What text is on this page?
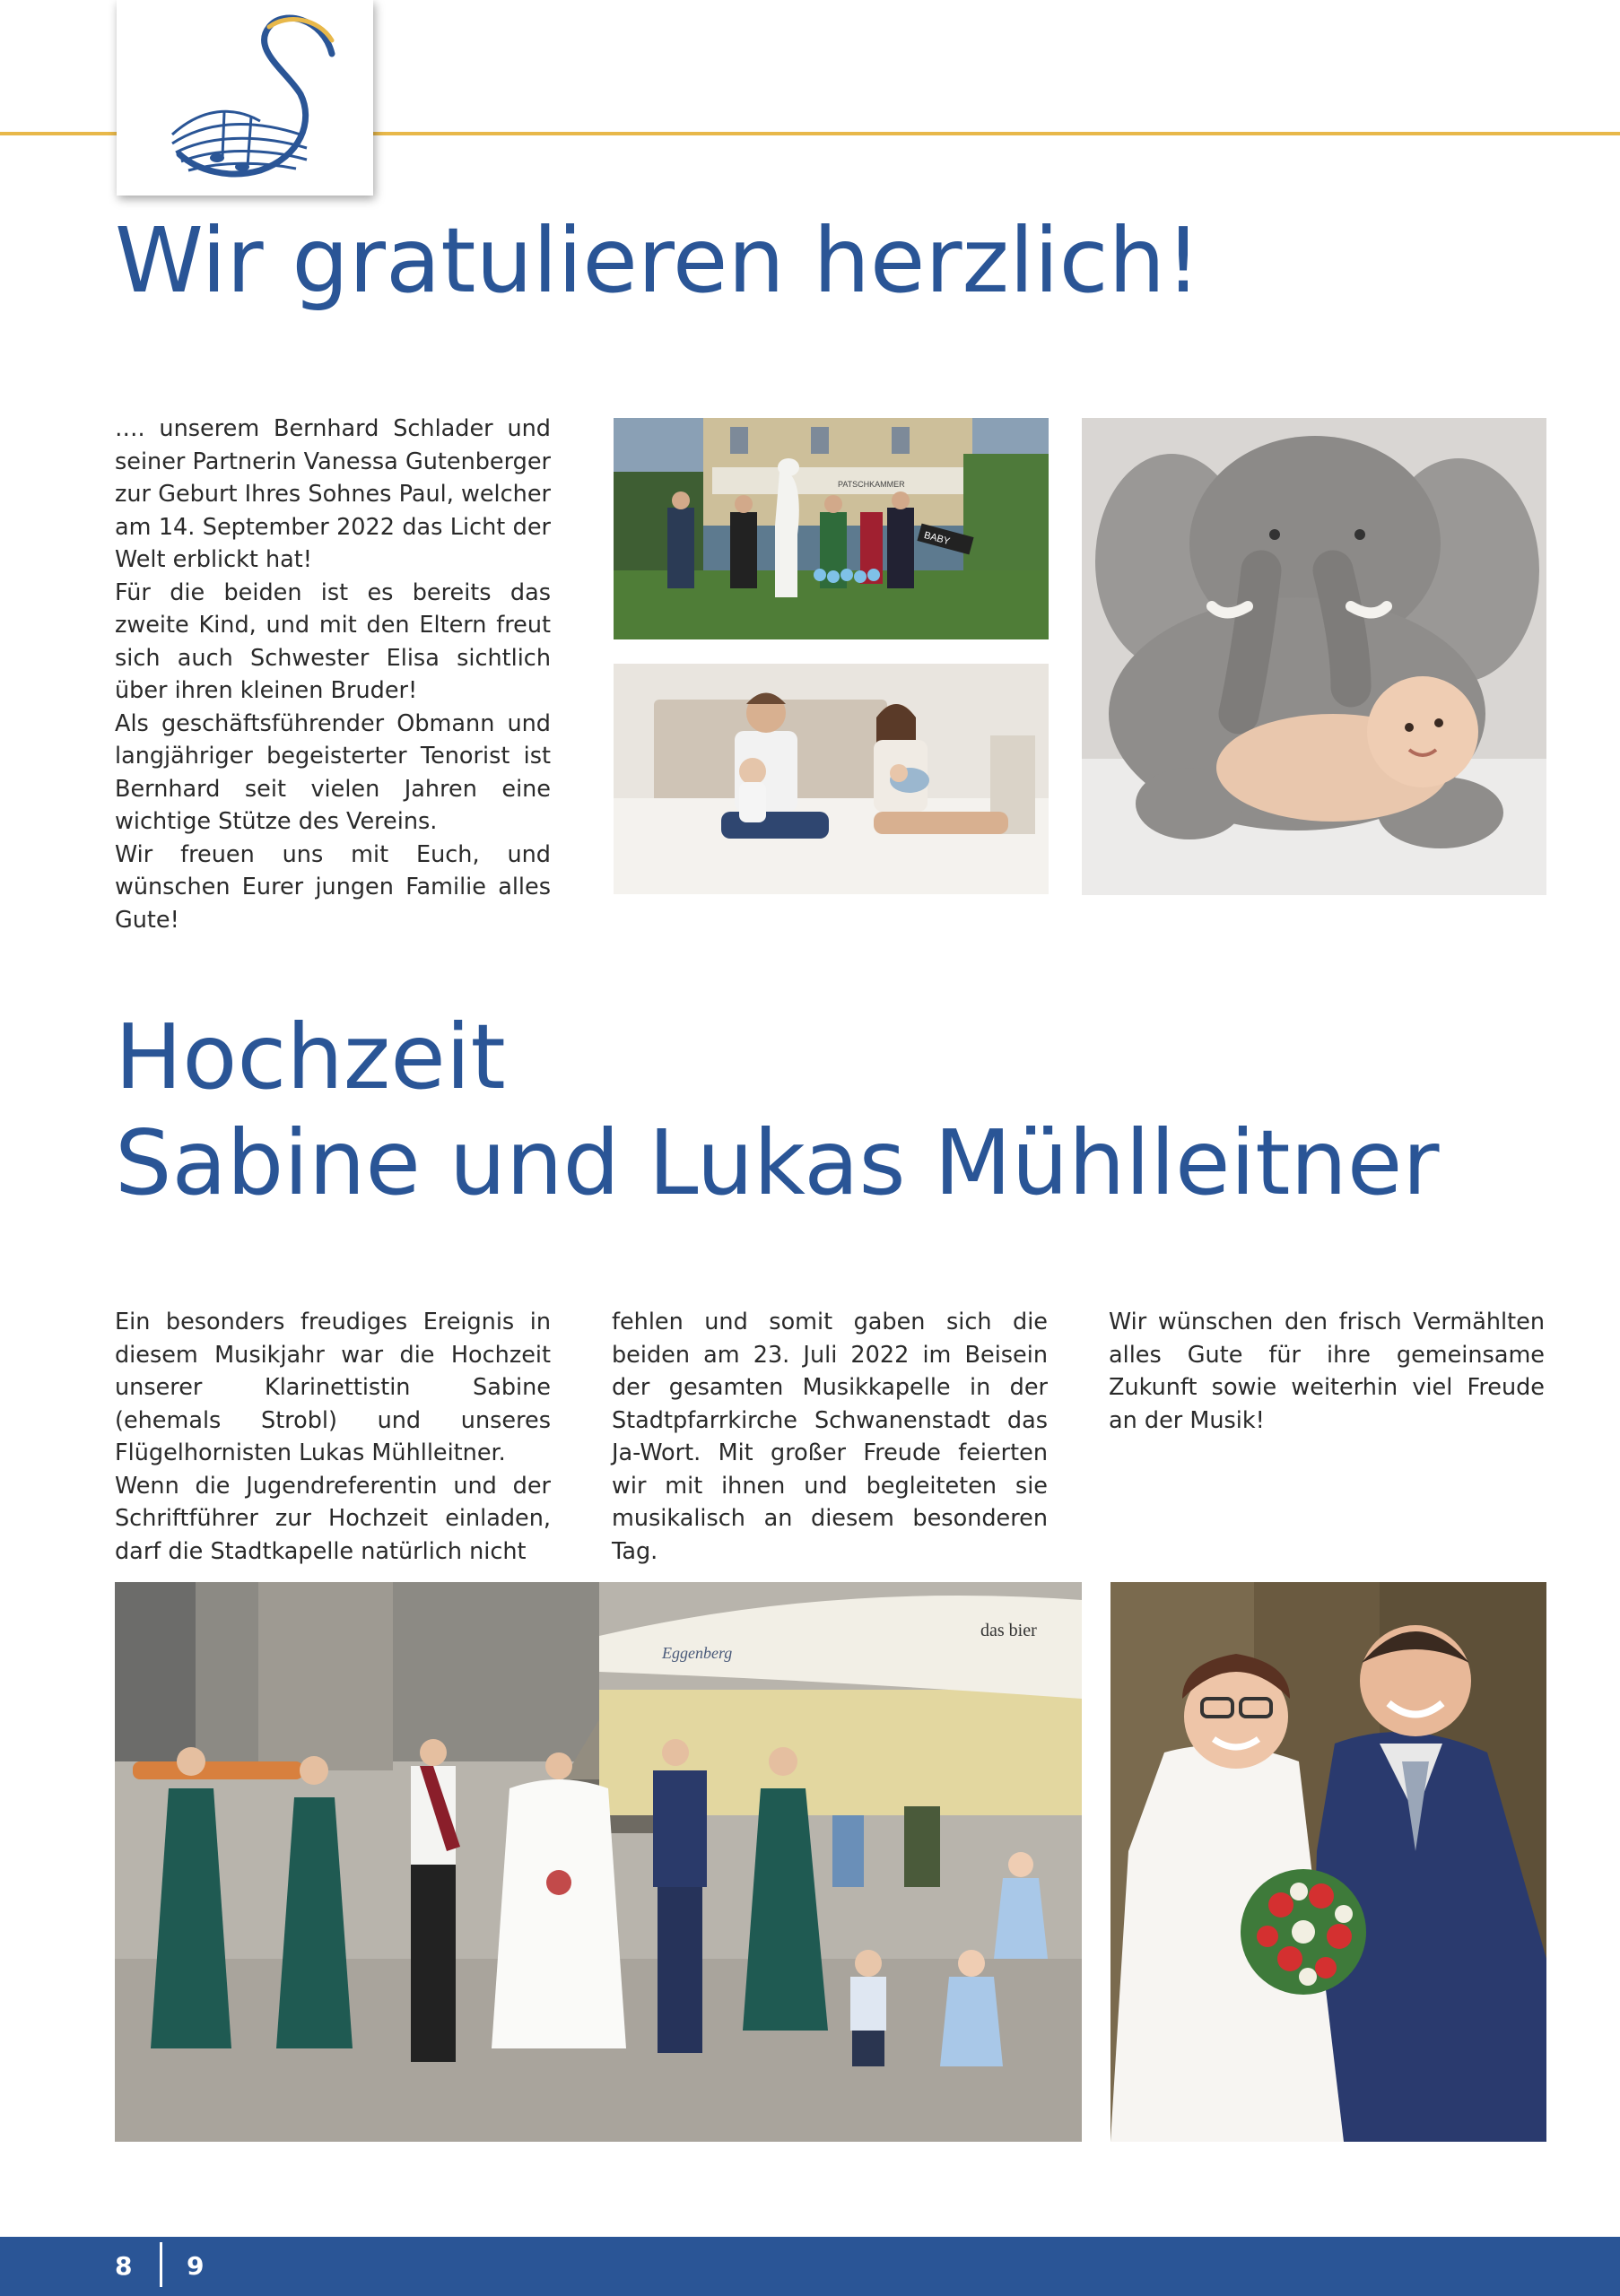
Wir gratulieren herzlich!

…. unserem Bernhard Schlader und seiner Partnerin Vanessa Gutenberger zur Geburt Ihres Sohnes Paul, welcher am 14. September 2022 das Licht der Welt erblickt hat!

Für die beiden ist es bereits das zweite Kind, und mit den Eltern freut sich auch Schwester Elisa sichtlich über ihren kleinen Bruder!

Als geschäftsführender Obmann und langjähriger begeisterter Tenorist ist Bernhard seit vielen Jahren eine wichtige Stütze des Vereins.

Wir freuen uns mit Euch, und wünschen Eurer jungen Familie alles Gute!

PATSCHKAMMER
BABY
Hochzeit
Sabine und Lukas Mühlleitner

Ein besonders freudiges Ereignis in diesem Musikjahr war die Hochzeit unserer Klarinettistin Sabine (ehemals Strobl) und unseres Flügelhornisten Lukas Mühlleitner.

Wenn die Jugendreferentin und der Schriftführer zur Hochzeit einladen, darf die Stadtkapelle natürlich nicht

fehlen und somit gaben sich die beiden am 23. Juli 2022 im Beisein der gesamten Musikkapelle in der Stadtpfarrkirche Schwanenstadt das Ja-Wort. Mit großer Freude feierten wir mit ihnen und begleiteten sie musikalisch an diesem besonderen Tag.

Wir wünschen den frisch Vermählten alles Gute für ihre gemeinsame Zukunft sowie weiterhin viel Freude an der Musik!

Eggenberg
das bier
8 9
